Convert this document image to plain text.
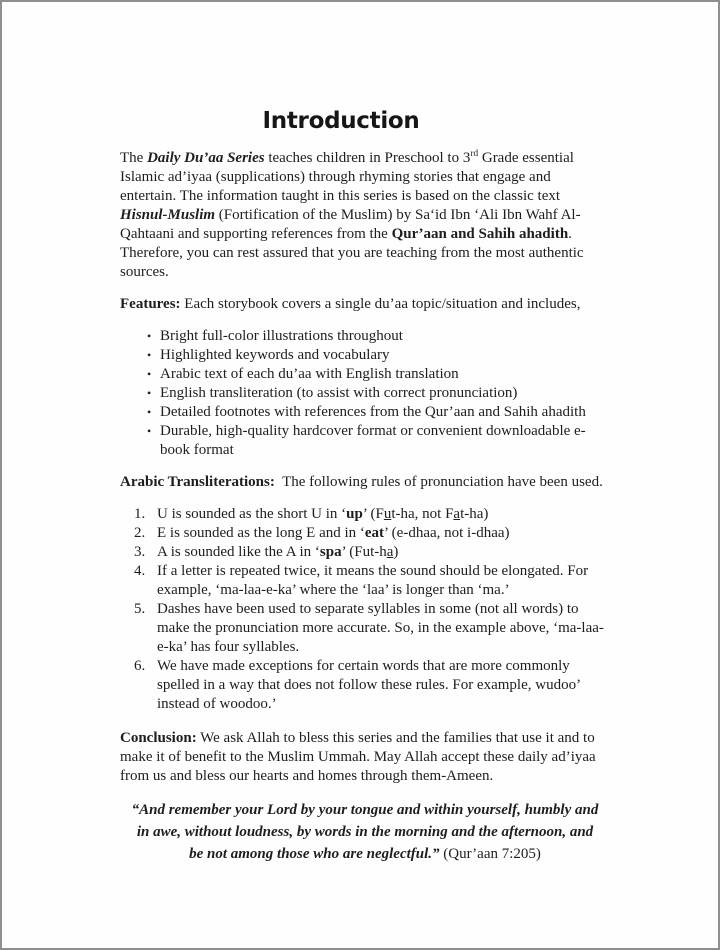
Introduction

The Daily Du’aa Series teaches children in Preschool to 3rd Grade essential Islamic ad’iyaa (supplications) through rhyming stories that engage and entertain. The information taught in this series is based on the classic text Hisnul-Muslim (Fortification of the Muslim) by Sa‘id Ibn ‘Ali Ibn Wahf Al-Qahtaani and supporting references from the Qur’aan and Sahih ahadith. Therefore, you can rest assured that you are teaching from the most authentic sources.

Features: Each storybook covers a single du’aa topic/situation and includes,

• Bright full-color illustrations throughout
• Highlighted keywords and vocabulary
• Arabic text of each du’aa with English translation
• English transliteration (to assist with correct pronunciation)
• Detailed footnotes with references from the Qur’aan and Sahih ahadith
• Durable, high-quality hardcover format or convenient downloadable e-book format

Arabic Transliterations:  The following rules of pronunciation have been used.

1. U is sounded as the short U in ‘up’ (Fut-ha, not Fat-ha)
2. E is sounded as the long E and in ‘eat’ (e-dhaa, not i-dhaa)
3. A is sounded like the A in ‘spa’ (Fut-ha)
4. If a letter is repeated twice, it means the sound should be elongated. For example, ‘ma-laa-e-ka’ where the ‘laa’ is longer than ‘ma.’
5. Dashes have been used to separate syllables in some (not all words) to make the pronunciation more accurate. So, in the example above, ‘ma-laa-e-ka’ has four syllables.
6. We have made exceptions for certain words that are more commonly spelled in a way that does not follow these rules. For example, wudoo’ instead of woodoo.’

Conclusion: We ask Allah to bless this series and the families that use it and to make it of benefit to the Muslim Ummah. May Allah accept these daily ad’iyaa from us and bless our hearts and homes through them-Ameen.

“And remember your Lord by your tongue and within yourself, humbly and in awe, without loudness, by words in the morning and the afternoon, and be not among those who are neglectful.” (Qur’aan 7:205)
